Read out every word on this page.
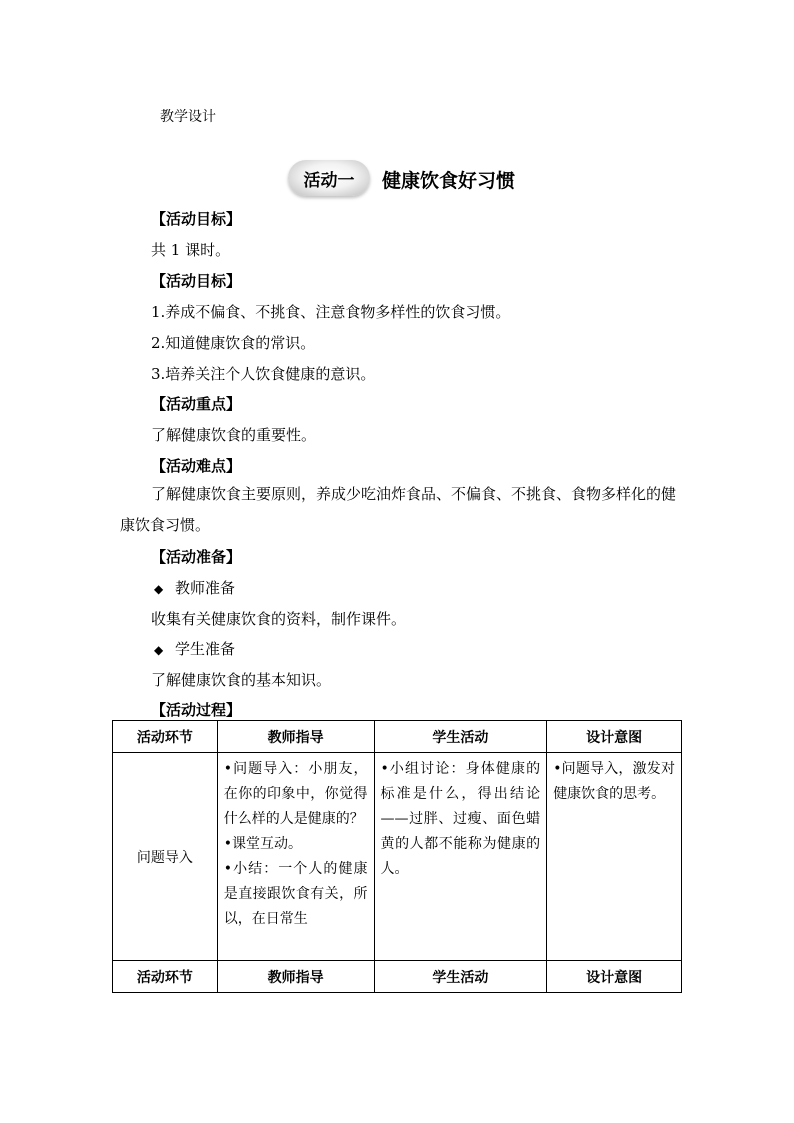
教学设计
活动一	健康饮食好习惯
【活动目标】
共 1 课时。
【活动目标】
1.养成不偏食、不挑食、注意食物多样性的饮食习惯。
2.知道健康饮食的常识。
3.培养关注个人饮食健康的意识。
【活动重点】
了解健康饮食的重要性。
【活动难点】
了解健康饮食主要原则，养成少吃油炸食品、不偏食、不挑食、食物多样化的健康饮食习惯。
【活动准备】
◆ 教师准备
收集有关健康饮食的资料，制作课件。
◆ 学生准备
了解健康饮食的基本知识。
【活动过程】
活动环节	教师指导	学生活动	设计意图
问题导入	•问题导入：小朋友，在你的印象中，你觉得什么样的人是健康的？
•课堂互动。
•小结：一个人的健康是直接跟饮食有关，所以，在日常生	•小组讨论：身体健康的标准是什么，得出结论——过胖、过瘦、面色蜡黄的人都不能称为健康的人。	•问题导入，激发对健康饮食的思考。

活动环节	教师指导	学生活动	设计意图
